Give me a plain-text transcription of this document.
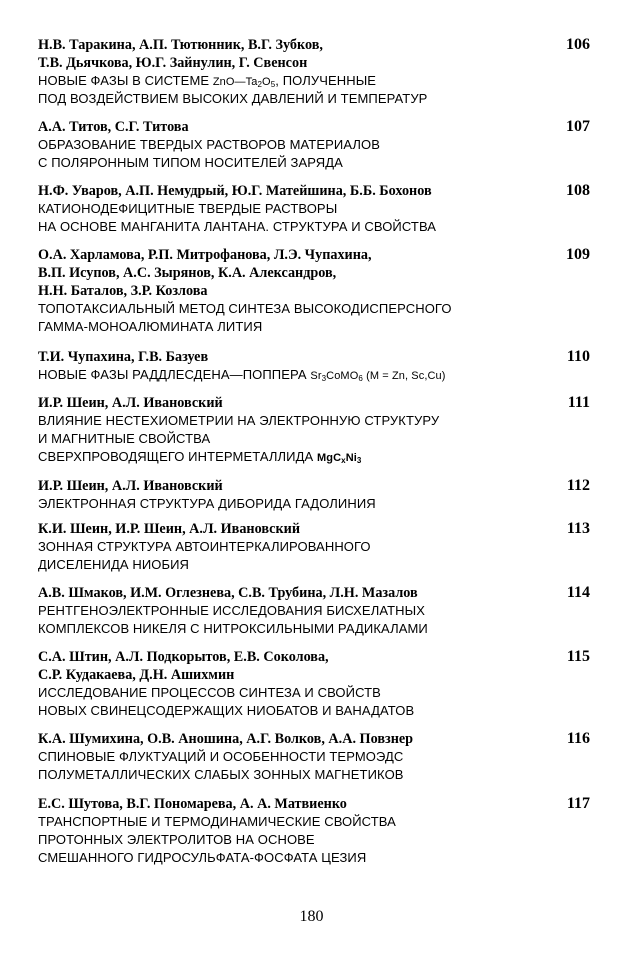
Н.В. Таракина, А.П. Тютюнник, В.Г. Зубков,
Т.В. Дьячкова, Ю.Г. Зайнулин, Г. Свенсон
НОВЫЕ ФАЗЫ В СИСТЕМЕ $ZnO—Ta_2O_5$, ПОЛУЧЕННЫЕ
ПОД ВОЗДЕЙСТВИЕМ ВЫСОКИХ ДАВЛЕНИЙ И ТЕМПЕРАТУР
106
А.А. Титов, С.Г. Титова
ОБРАЗОВАНИЕ ТВЕРДЫХ РАСТВОРОВ МАТЕРИАЛОВ
С ПОЛЯРОННЫМ ТИПОМ НОСИТЕЛЕЙ ЗАРЯДА
107
Н.Ф. Уваров, А.П. Немудрый, Ю.Г. Матейшина, Б.Б. Бохонов
КАТИОНОДЕФИЦИТНЫЕ ТВЕРДЫЕ РАСТВОРЫ
НА ОСНОВЕ МАНГАНИТА ЛАНТАНА. СТРУКТУРА И СВОЙСТВА
108
О.А. Харламова, Р.П. Митрофанова, Л.Э. Чупахина,
В.П. Исупов, А.С. Зырянов, К.А. Александров,
Н.Н. Баталов, З.Р. Козлова
ТОПОТАКСИАЛЬНЫЙ МЕТОД СИНТЕЗА ВЫСОКОДИСПЕРСНОГО
ГАММА-МОНОАЛЮМИНАТА ЛИТИЯ
109
Т.И. Чупахина, Г.В. Базуев
НОВЫЕ ФАЗЫ РАДДЛЕСДЕНА—ПОППЕРА $Sr_3CoMO_6$ (M = Zn, Sc,Cu)
110
И.Р. Шеин, А.Л. Ивановский
ВЛИЯНИЕ НЕСТЕХИОМЕТРИИ НА ЭЛЕКТРОННУЮ СТРУКТУРУ
И МАГНИТНЫЕ СВОЙСТВА
СВЕРХПРОВОДЯЩЕГО ИНТЕРМЕТАЛЛИДА $MgC_xNi_3$
111
И.Р. Шеин, А.Л. Ивановский
ЭЛЕКТРОННАЯ СТРУКТУРА ДИБОРИДА ГАДОЛИНИЯ
112
К.И. Шеин, И.Р. Шеин, А.Л. Ивановский
ЗОННАЯ СТРУКТУРА АВТОИНТЕРКАЛИРОВАННОГО
ДИСЕЛЕНИДА НИОБИЯ
113
А.В. Шмаков, И.М. Оглезнева, С.В. Трубина, Л.Н. Мазалов
РЕНТГЕНОЭЛЕКТРОННЫЕ ИССЛЕДОВАНИЯ БИСХЕЛАТНЫХ
КОМПЛЕКСОВ НИКЕЛЯ С НИТРОКСИЛЬНЫМИ РАДИКАЛАМИ
114
С.А. Штин, А.Л. Подкорытов, Е.В. Соколова,
С.Р. Кудакаева, Д.Н. Ашихмин
ИССЛЕДОВАНИЕ ПРОЦЕССОВ СИНТЕЗА И СВОЙСТВ
НОВЫХ СВИНЕЦСОДЕРЖАЩИХ НИОБАТОВ И ВАНАДАТОВ
115
К.А. Шумихина, О.В. Аношина, А.Г. Волков, А.А. Повзнер
СПИНОВЫЕ ФЛУКТУАЦИЙ И ОСОБЕННОСТИ ТЕРМОЭДС
ПОЛУМЕТАЛЛИЧЕСКИХ СЛАБЫХ ЗОННЫХ МАГНЕТИКОВ
116
Е.С. Шутова, В.Г. Пономарева, А. А. Матвиенко
ТРАНСПОРТНЫЕ И ТЕРМОДИНАМИЧЕСКИЕ СВОЙСТВА
ПРОТОННЫХ ЭЛЕКТРОЛИТОВ НА ОСНОВЕ
СМЕШАННОГО ГИДРОСУЛЬФАТА-ФОСФАТА ЦЕЗИЯ
117
180
